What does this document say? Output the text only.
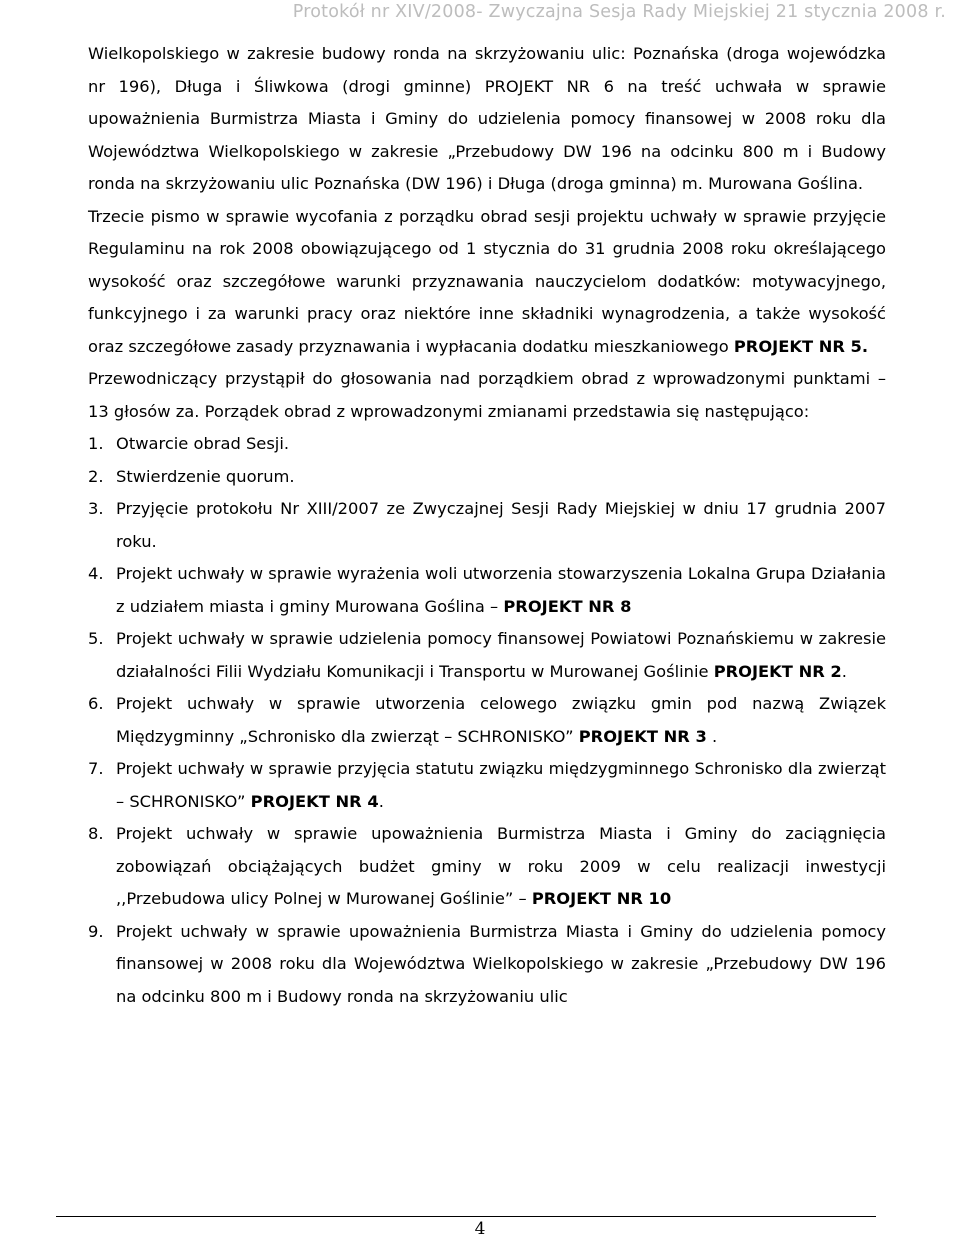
Protokół nr XIV/2008- Zwyczajna Sesja Rady Miejskiej 21 stycznia 2008 r.

Wielkopolskiego w zakresie budowy ronda na skrzyżowaniu ulic: Poznańska (droga wojewódzka nr 196), Długa i Śliwkowa (drogi gminne) PROJEKT NR 6 na treść uchwała w sprawie upoważnienia Burmistrza Miasta i Gminy do udzielenia pomocy finansowej w 2008 roku dla Województwa Wielkopolskiego w zakresie „Przebudowy DW 196 na odcinku 800 m i Budowy ronda na skrzyżowaniu ulic Poznańska (DW 196) i Długa (droga gminna) m. Murowana Goślina.

Trzecie pismo w sprawie wycofania z porządku obrad sesji projektu uchwały w sprawie przyjęcie Regulaminu na rok 2008 obowiązującego od 1 stycznia do 31 grudnia 2008 roku określającego wysokość oraz szczegółowe warunki przyznawania nauczycielom dodatków: motywacyjnego, funkcyjnego i za warunki pracy oraz niektóre inne składniki wynagrodzenia, a także wysokość oraz szczegółowe zasady przyznawania i wypłacania dodatku mieszkaniowego PROJEKT NR 5.

Przewodniczący przystąpił do głosowania nad porządkiem obrad z wprowadzonymi punktami – 13 głosów za. Porządek obrad z wprowadzonymi zmianami przedstawia się następująco:

1. Otwarcie obrad Sesji.
2. Stwierdzenie quorum.
3. Przyjęcie protokołu Nr XIII/2007 ze Zwyczajnej Sesji Rady Miejskiej w dniu 17 grudnia 2007 roku.
4. Projekt uchwały w sprawie wyrażenia woli utworzenia stowarzyszenia Lokalna Grupa Działania z udziałem miasta i gminy Murowana Goślina – PROJEKT NR 8
5. Projekt uchwały w sprawie udzielenia pomocy finansowej Powiatowi Poznańskiemu w zakresie działalności Filii Wydziału Komunikacji i Transportu w Murowanej Goślinie PROJEKT NR 2.
6. Projekt uchwały w sprawie utworzenia celowego związku gmin pod nazwą Związek Międzygminny „Schronisko dla zwierząt – SCHRONISKO” PROJEKT NR 3 .
7. Projekt uchwały w sprawie przyjęcia statutu związku międzygminnego Schronisko dla zwierząt – SCHRONISKO” PROJEKT NR 4.
8. Projekt uchwały w sprawie upoważnienia Burmistrza Miasta i Gminy do zaciągnięcia zobowiązań obciążających budżet gminy w roku 2009 w celu realizacji inwestycji ,,Przebudowa ulicy Polnej w Murowanej Goślinie” – PROJEKT NR 10
9. Projekt uchwały w sprawie upoważnienia Burmistrza Miasta i Gminy do udzielenia pomocy finansowej w 2008 roku dla Województwa Wielkopolskiego w zakresie „Przebudowy DW 196 na odcinku 800 m i Budowy ronda na skrzyżowaniu ulic
4
